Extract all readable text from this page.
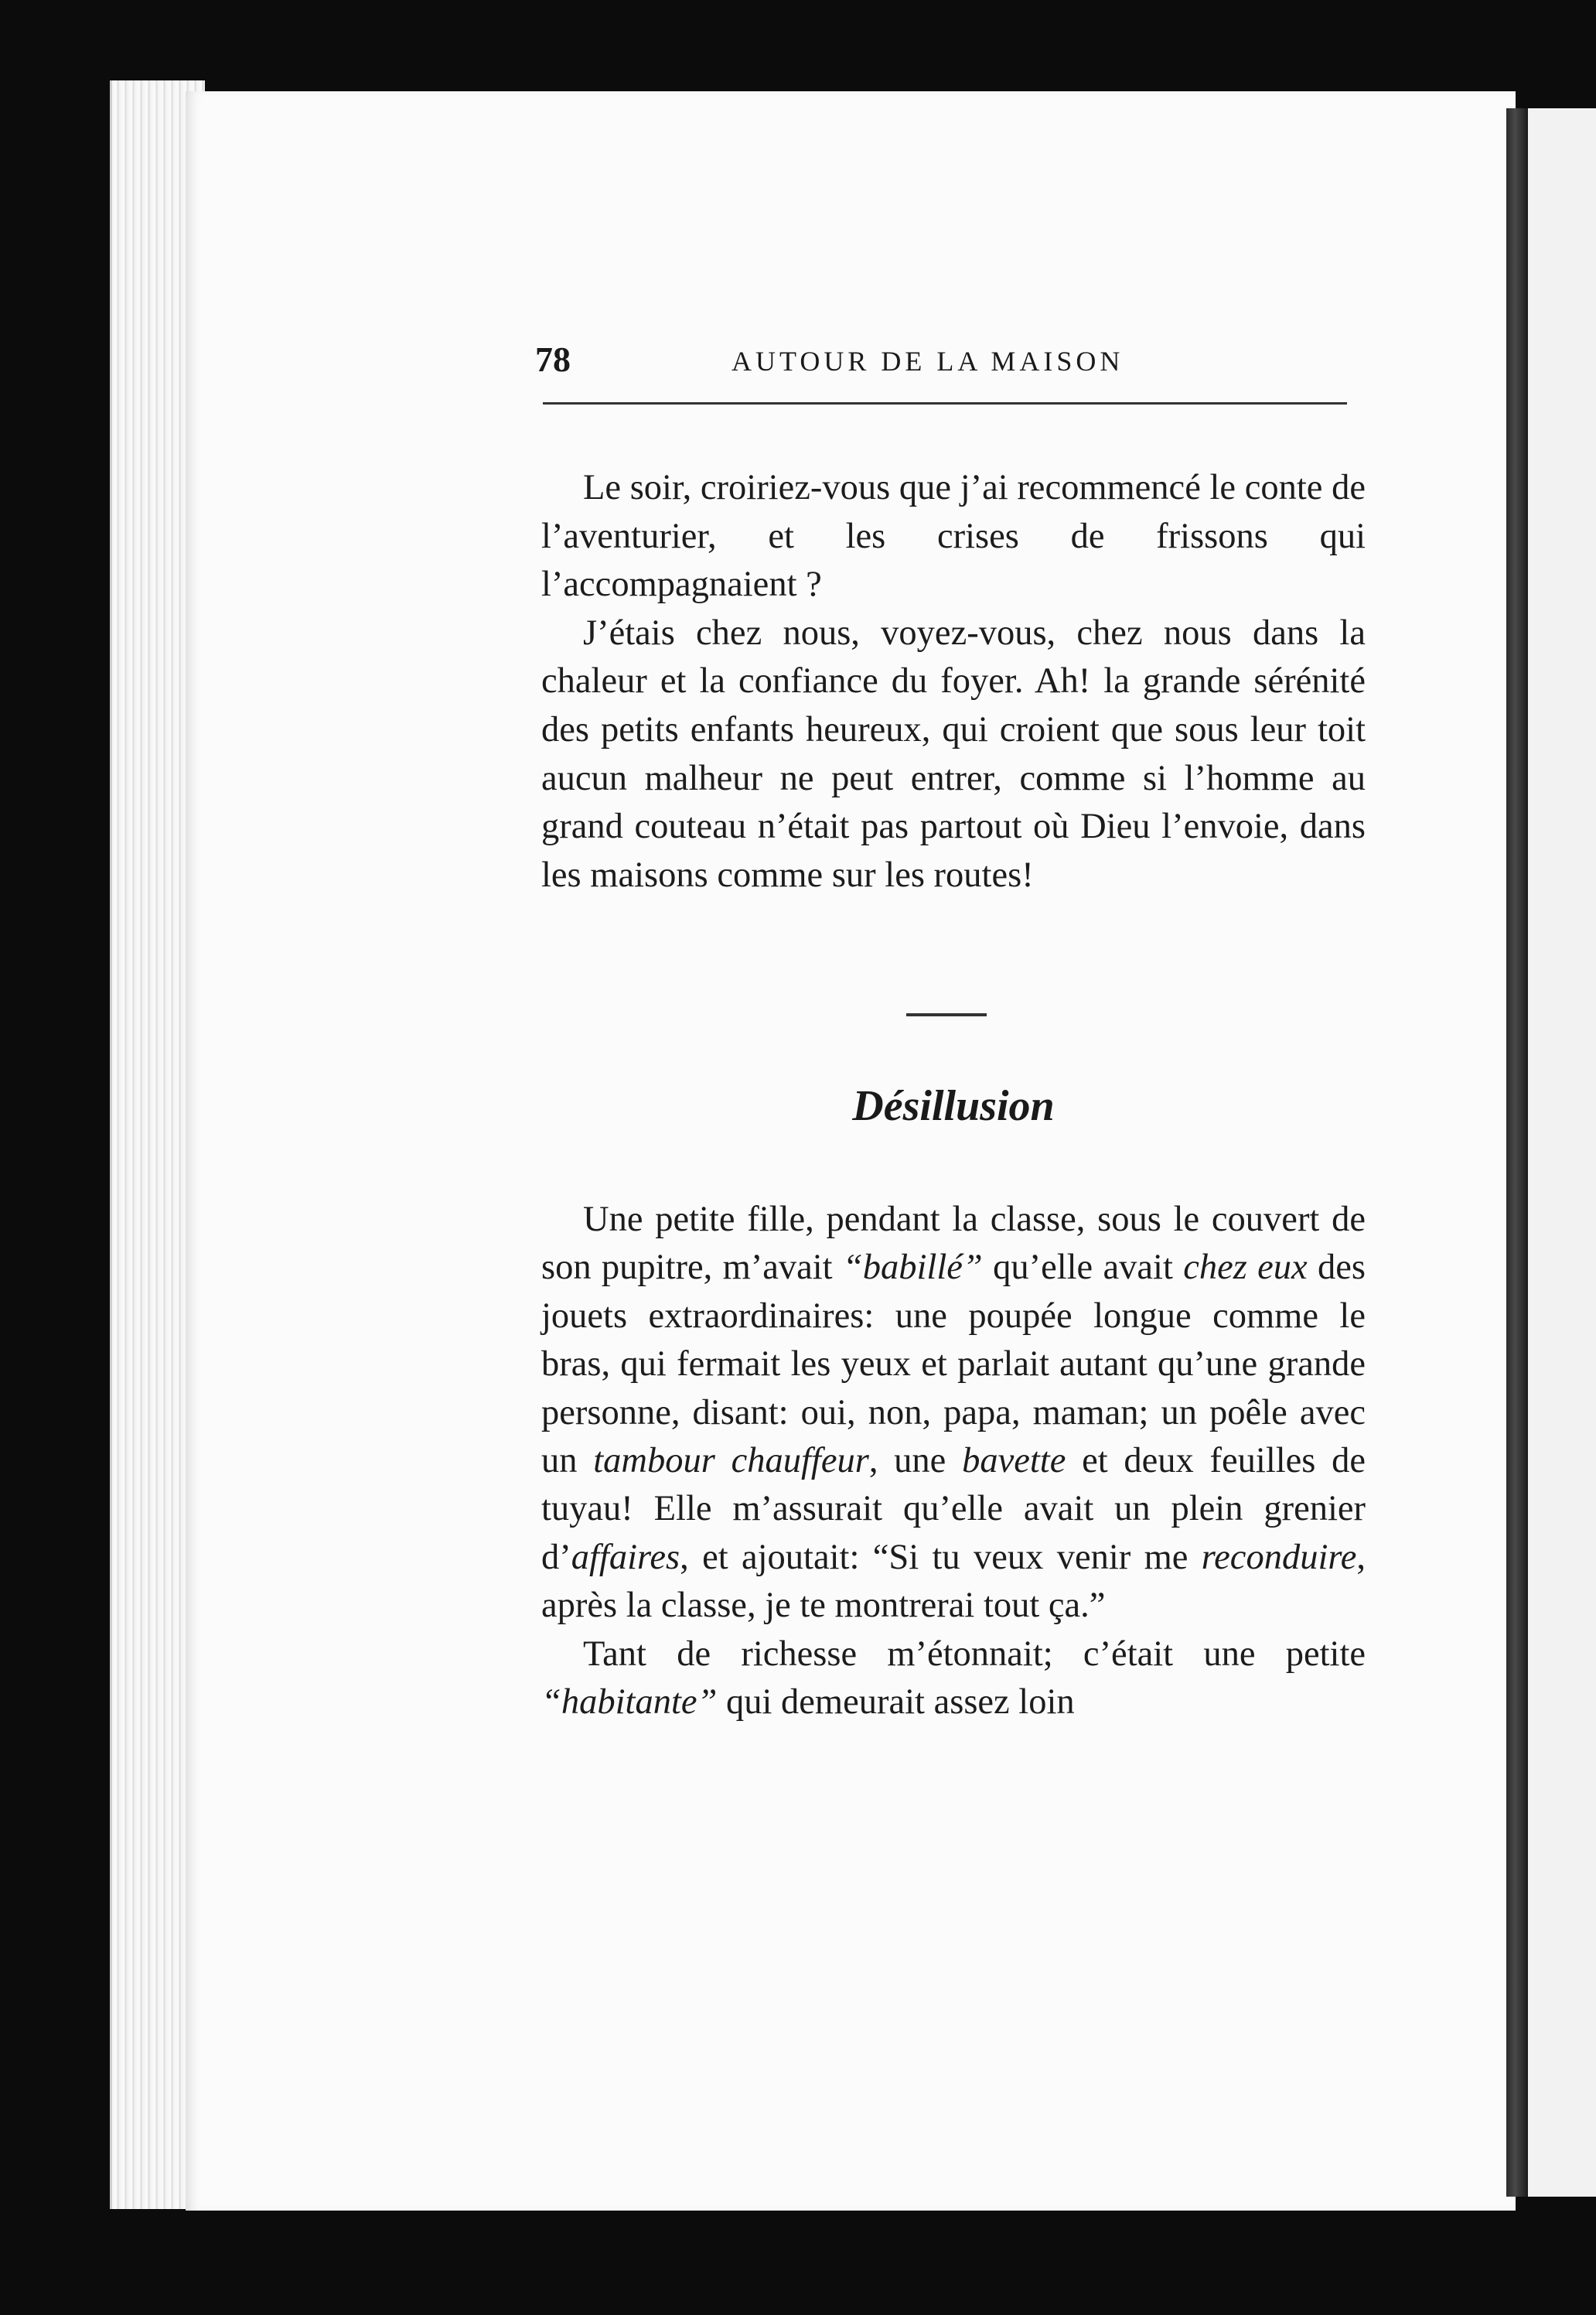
78	AUTOUR DE LA MAISON

Le soir, croiriez-vous que j’ai recommencé le conte de l’aventurier, et les crises de frissons qui l’accompagnaient ?

J’étais chez nous, voyez-vous, chez nous dans la chaleur et la confiance du foyer. Ah! la grande sérénité des petits enfants heureux, qui croient que sous leur toit aucun malheur ne peut entrer, comme si l’homme au grand couteau n’était pas partout où Dieu l’envoie, dans les maisons comme sur les routes!

Désillusion

Une petite fille, pendant la classe, sous le couvert de son pupitre, m’avait “babillé” qu’elle avait chez eux des jouets extraordinaires: une poupée longue comme le bras, qui fermait les yeux et parlait autant qu’une grande personne, disant: oui, non, papa, maman; un poêle avec un tambour chauffeur, une bavette et deux feuilles de tuyau! Elle m’assurait qu’elle avait un plein grenier d’affaires, et ajoutait: “Si tu veux venir me reconduire, après la classe, je te montrerai tout ça.”

Tant de richesse m’étonnait; c’était une petite “habitante” qui demeurait assez loin
